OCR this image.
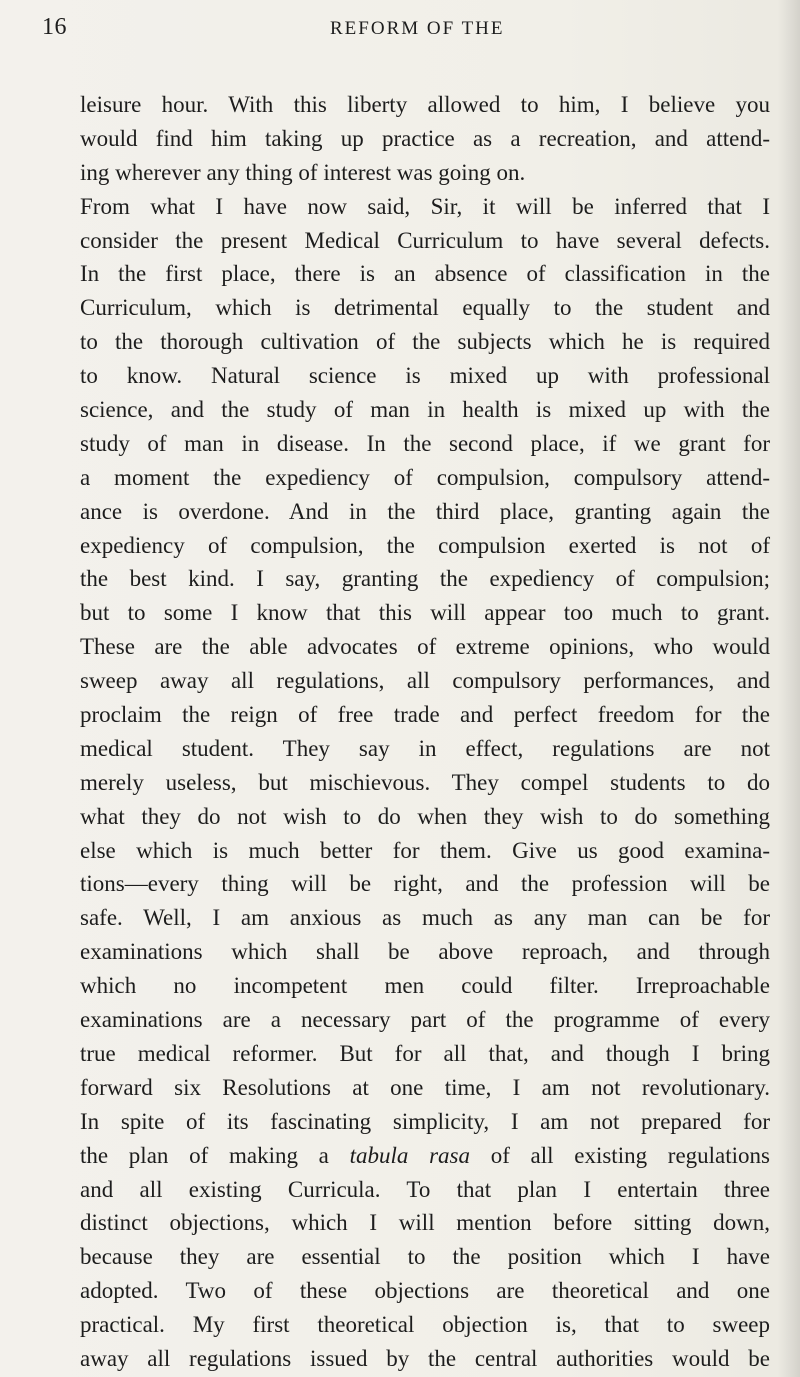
16	REFORM OF THE
leisure hour. With this liberty allowed to him, I believe you
would find him taking up practice as a recreation, and attend-
ing wherever any thing of interest was going on.
From what I have now said, Sir, it will be inferred that I
consider the present Medical Curriculum to have several defects.
In the first place, there is an absence of classification in the
Curriculum, which is detrimental equally to the student and
to the thorough cultivation of the subjects which he is required
to know. Natural science is mixed up with professional
science, and the study of man in health is mixed up with the
study of man in disease. In the second place, if we grant for
a moment the expediency of compulsion, compulsory attend-
ance is overdone. And in the third place, granting again the
expediency of compulsion, the compulsion exerted is not of
the best kind. I say, granting the expediency of compulsion;
but to some I know that this will appear too much to grant.
These are the able advocates of extreme opinions, who would
sweep away all regulations, all compulsory performances, and
proclaim the reign of free trade and perfect freedom for the
medical student. They say in effect, regulations are not
merely useless, but mischievous. They compel students to do
what they do not wish to do when they wish to do something
else which is much better for them. Give us good examina-
tions—every thing will be right, and the profession will be
safe. Well, I am anxious as much as any man can be for
examinations which shall be above reproach, and through
which no incompetent men could filter. Irreproachable
examinations are a necessary part of the programme of every
true medical reformer. But for all that, and though I bring
forward six Resolutions at one time, I am not revolutionary.
In spite of its fascinating simplicity, I am not prepared for
the plan of making a tabula rasa of all existing regulations
and all existing Curricula. To that plan I entertain three
distinct objections, which I will mention before sitting down,
because they are essential to the position which I have
adopted. Two of these objections are theoretical and one
practical. My first theoretical objection is, that to sweep
away all regulations issued by the central authorities would be
